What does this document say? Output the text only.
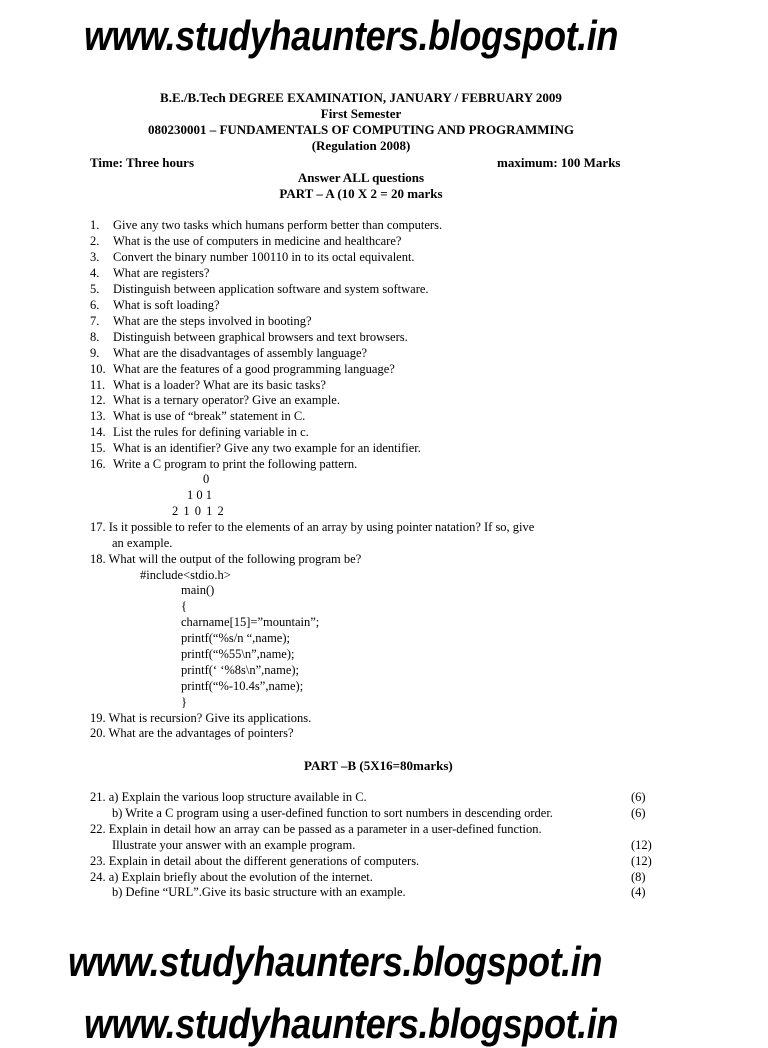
www.studyhaunters.blogspot.in
B.E./B.Tech DEGREE EXAMINATION, JANUARY / FEBRUARY 2009
First Semester
080230001 – FUNDAMENTALS OF COMPUTING AND PROGRAMMING
(Regulation 2008)
Answer ALL questions
PART – A (10 X 2 = 20 marks
Time: Three hours	maximum: 100 Marks
1. Give any two tasks which humans perform better than computers.
2. What is the use of computers in medicine and healthcare?
3. Convert the binary number 100110 in to its octal equivalent.
4. What are registers?
5. Distinguish between application software and system software.
6. What is soft loading?
7. What are the steps involved in booting?
8. Distinguish between graphical browsers and text browsers.
9. What are the disadvantages of assembly language?
10. What are the features of a good programming language?
11. What is a loader? What are its basic tasks?
12. What is a ternary operator? Give an example.
13. What is use of “break” statement in C.
14. List the rules for defining variable in c.
15. What is an identifier? Give any two example for an identifier.
16. Write a C program to print the following pattern.
0
1 0 1
2 1 0 1 2
17. Is it possible to refer to the elements of an array by using pointer natation? If so, give
an example.
18. What will the output of the following program be?
#include<stdio.h>
main()
{
charname[15]=”mountain”;
printf(“%s/n “,name);
printf(“%55\n”,name);
printf(‘ ‘%8s\n”,name);
printf(“%-10.4s”,name);
}
19. What is recursion? Give its applications.
20. What are the advantages of pointers?
PART –B (5X16=80marks)
21. a) Explain the various loop structure available in C.	(6)
b) Write a C program using a user-defined function to sort numbers in descending order.	(6)
22. Explain in detail how an array can be passed as a parameter in a user-defined function.
Illustrate your answer with an example program.	(12)
23. Explain in detail about the different generations of computers.	(12)
24. a) Explain briefly about the evolution of the internet.	(8)
b) Define “URL”.Give its basic structure with an example.	(4)
www.studyhaunters.blogspot.in
www.studyhaunters.blogspot.in
